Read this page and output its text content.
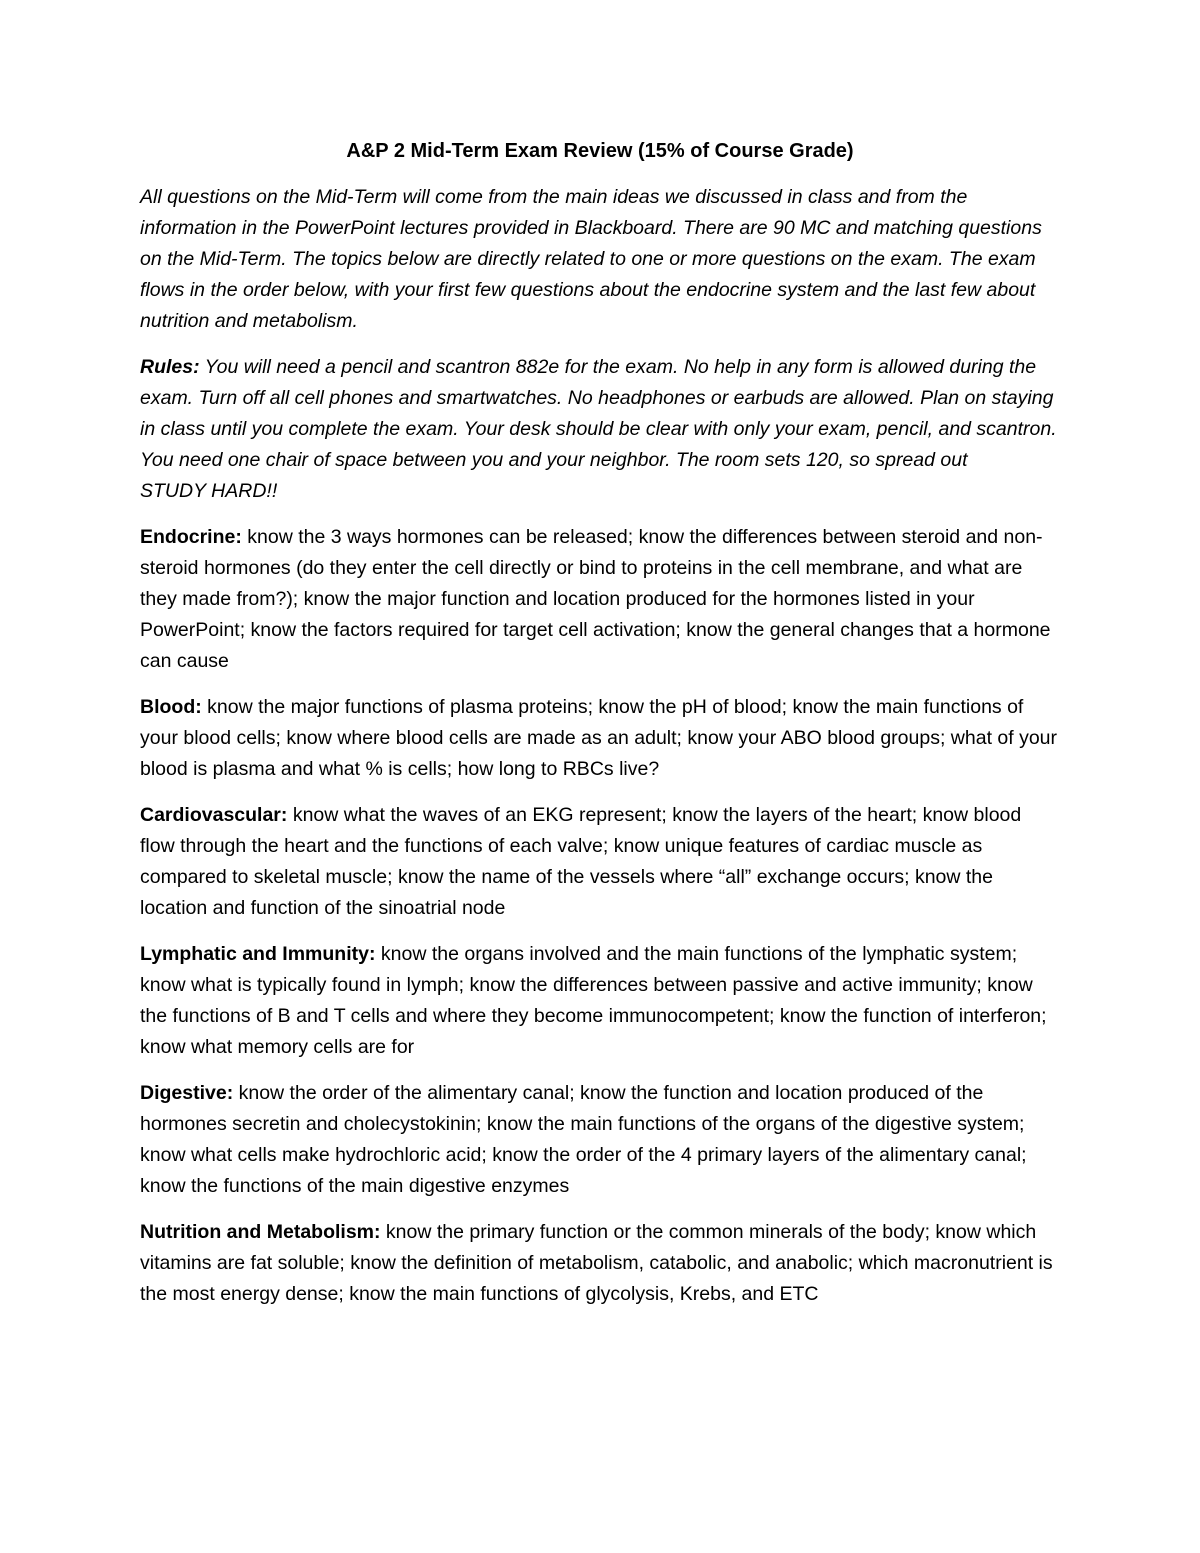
A&P 2 Mid-Term Exam Review (15% of Course Grade)

All questions on the Mid-Term will come from the main ideas we discussed in class and from the information in the PowerPoint lectures provided in Blackboard. There are 90 MC and matching questions on the Mid-Term. The topics below are directly related to one or more questions on the exam. The exam flows in the order below, with your first few questions about the endocrine system and the last few about nutrition and metabolism.

Rules: You will need a pencil and scantron 882e for the exam. No help in any form is allowed during the exam. Turn off all cell phones and smartwatches. No headphones or earbuds are allowed. Plan on staying in class until you complete the exam. Your desk should be clear with only your exam, pencil, and scantron. You need one chair of space between you and your neighbor. The room sets 120, so spread outSTUDY HARD!!

Endocrine: know the 3 ways hormones can be released; know the differences between steroid and non-steroid hormones (do they enter the cell directly or bind to proteins in the cell membrane, and what are they made from?); know the major function and location produced for the hormones listed in your PowerPoint; know the factors required for target cell activation; know the general changes that a hormone can cause

Blood: know the major functions of plasma proteins; know the pH of blood; know the main functions of your blood cells; know where blood cells are made as an adult; know your ABO blood groups; what of your blood is plasma and what % is cells; how long to RBCs live?

Cardiovascular: know what the waves of an EKG represent; know the layers of the heart; know blood flow through the heart and the functions of each valve; know unique features of cardiac muscle as compared to skeletal muscle; know the name of the vessels where “all” exchange occurs; know the location and function of the sinoatrial node

Lymphatic and Immunity: know the organs involved and the main functions of the lymphatic system; know what is typically found in lymph; know the differences between passive and active immunity; know the functions of B and T cells and where they become immunocompetent; know the function of interferon; know what memory cells are for

Digestive: know the order of the alimentary canal; know the function and location produced of the hormones secretin and cholecystokinin; know the main functions of the organs of the digestive system; know what cells make hydrochloric acid; know the order of the 4 primary layers of the alimentary canal; know the functions of the main digestive enzymes

Nutrition and Metabolism: know the primary function or the common minerals of the body; know which vitamins are fat soluble; know the definition of metabolism, catabolic, and anabolic; which macronutrient is the most energy dense; know the main functions of glycolysis, Krebs, and ETC
